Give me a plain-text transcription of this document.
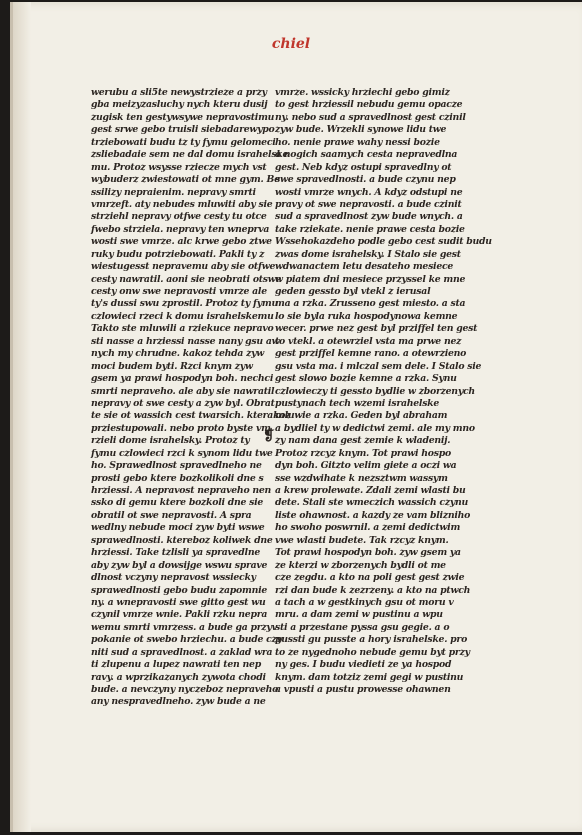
chiel
werubu a sli5te newystrzieze a przy
gba meizyzasluchy nych kteru dusij
zugisk ten gestywsywe nepravostimu
gest srwe gebo truisli siebadarewypo
trziebowati budu tz ty fymu gelomeci
zsliebadaie sem ne dal domu israhelske
mu. Protoz wsysse rziecze mych vst
wybuderz zwiestowati ot mne gym. Be
ssilizy nepraienim. nepravy smrti
vmrzeft. aty nebudes mluwiti aby sie
strziehl nepravy otfwe cesty tu otce
fwebo strziela. nepravy ten wneprva
wosti swe vmrze. alc krwe gebo ztwe
ruky budu potrziebowati. Pakli ty z
wiestugesst nepravemu aby sie otfwe
cesty nawratil. aoni sie neobrati otswe
cesty onw swe nepravosti vmrze ale
ty's dussi swu zprostil. Protoz ty fymu
czlowieci rzeci k domu israhelskemu
Takto ste mluwili a rziekuce nepravo
sti nasse a hrziessi nasse nany gsu aw
nych my chrudne. kakoz tehda zyw
moci budem byti. Rzci knym zyw
gsem ya prawi hospodyn boh. nechci
smrti nepraveho. ale aby sie nawratil
nepravy ot swe cesty a zyw byl. Obrat
te sie ot wassich cest twarsich. kterakoz
prziestupowali. nebo proto byste vm
rzieli dome israhelsky. Protoz ty
fymu czlowieci rzci k synom lidu twe
ho. Sprawedlnost spravedlneho ne
prosti gebo ktere bozkolikoli dne s
hrziessi. A nepravost nepraveho nen
ssko di gemu ktere bozkoli dne sie
obratil ot swe nepravosti. A spra
wedlny nebude moci zyw byti wswe
sprawedlnosti. ktereboz koliwek dne
hrziessi. Take tzlisli ya spravedlne
aby zyw byl a dowsijge wswu sprave
dlnost vczyny nepravost wssiecky
sprawedlnosti gebo budu zapomnie
ny. a wnepravosti swe gitto gest wu
czynil vmrze wnie. Pakli rzku nepra
wemu smrti vmrzess. a bude ga przyv
pokanie ot swebo hrziechu. a bude czy
niti sud a spravedlnost. a zaklad wra
ti zlupenu a lupez nawrati ten nep
ravy. a wprzikazanych zywota chodi
bude. a nevczyny nyczeboz nepraveho
any nespravedlneho. zyw bude a ne
vmrze. wssicky hrziechi gebo gimiz
to gest hrziessil nebudu gemu opacze
ny. nebo sud a spravedlnost gest czinil
zyw bude. Wrzekli synowe lidu twe
ho. nenie prawe wahy nessi bozie
a nogich saamych cesta nepravedlna
gest. Neb kdyz ostupi spravedlny ot
swe spravedlnosti. a bude czynu nep
wosti vmrze wnych. A kdyz odstupi ne
pravy ot swe nepravosti. a bude czinit
sud a spravedlnost zyw bude wnych. a
take rziekate. nenie prawe cesta bozie
Wssehokazdeho podle gebo cest sudit budu
zwas dome israhelsky. I Stalo sie gest
wdwanactem letu desateho mesiece
w piatem dni mesiece przyssel ke mne
geden gessto byl vtekl z ierusal
ma a rzka. Zrusseno gest miesto. a sta
lo sie byla ruka hospodynowa kemne
wecer. prwe nez gest byl prziffel ten gest
to vtekl. a otewrziel vsta ma prwe nez
gest prziffel kemne rano. a otewrzieno
gsu vsta ma. i mlczal sem dele. I Stalo sie
gest slowo bozie kemne a rzka. Synu
czlowieczy ti gessto bydlie w zborzenych
pustynach tech wzemi israhelske
mluwie a rzka. Geden byl abraham
a bydliel ty w dedictwi zemi. ale my mno
zy nam dana gest zemie k wladenij.
Protoz rzcyz knym. Tot prawi hospo
dyn boh. Gitzto velim giete a oczi wa
sse wzdwihate k nezsztwm wassym
a krew prolewate. Zdali zemi wlasti bu
dete. Stali ste wmeczich wassich czynu
liste ohawnost. a kazdy ze vam blizniho
ho swoho poswrnil. a zemi dedictwim
vwe wlasti budete. Tak rzcyz knym.
Tot prawi hospodyn boh. zyw gsem ya
ze kterzi w zborzenych bydli ot me
cze zegdu. a kto na poli gest gest zwie
rzi dan bude k zezrzeny. a kto na ptwch
a tach a w gestkinych gsu ot moru v
mru. a dam zemi w pustinu a wpu
sti a przestane pyssa gsu gegie. a o
pussti gu pusste a hory israhelske. pro
to ze nygednoho nebude gemu byt przy
ny ges. I budu viedieti ze ya hospod
knym. dam totziz zemi gegi w pustinu
a vpusti a pustu prowesse ohawnen
❡
